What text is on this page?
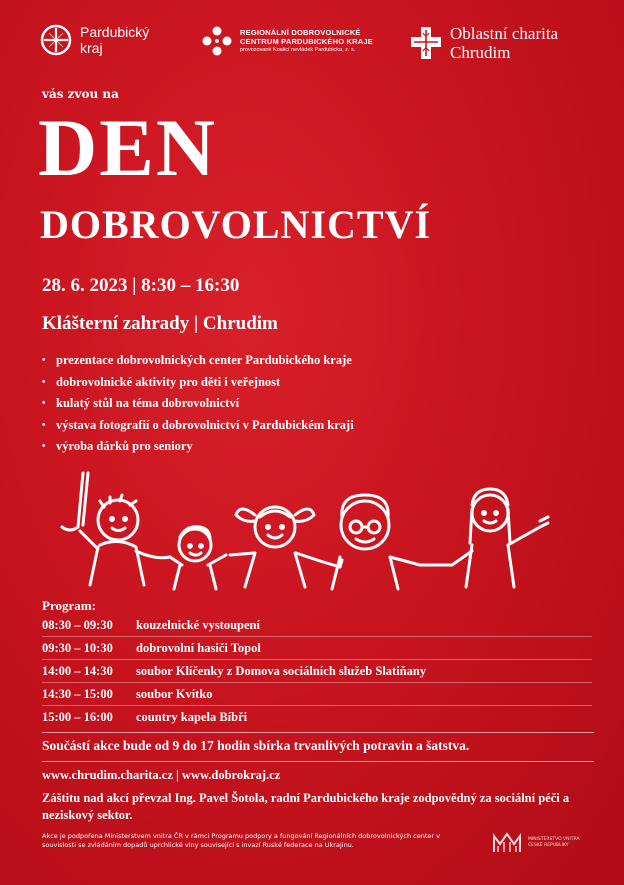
Pardubický
kraj
REGIONÁLNÍ DOBROVOLNICKÉ
CENTRUM PARDUBICKÉHO KRAJE
provozované Koalicí nevládek Pardubicka, z. s.
Oblastní charita
Chrudim
vás zvou na
DEN
DOBROVOLNICTVÍ
28. 6. 2023 | 8:30 – 16:30
Klášterní zahrady | Chrudim
• prezentace dobrovolnických center Pardubického kraje
• dobrovolnické aktivity pro děti i veřejnost
• kulatý stůl na téma dobrovolnictví
• výstava fotografií o dobrovolnictví v Pardubickém kraji
• výroba dárků pro seniory
Program:
08:30 – 09:30	kouzelnické vystoupení
09:30 – 10:30	dobrovolní hasiči Topol
14:00 – 14:30	soubor Klíčenky z Domova sociálních služeb Slatiňany
14:30 – 15:00	soubor Kvítko
15:00 – 16:00	country kapela Bíbři
Součástí akce bude od 9 do 17 hodin sbírka trvanlivých potravin a šatstva.
www.chrudim.charita.cz | www.dobrokraj.cz
Záštitu nad akcí převzal Ing. Pavel Šotola, radní Pardubického kraje zodpovědný za sociální péči a neziskový sektor.
Akce je podpořena Ministerstvem vnitra ČR v rámci Programu podpory a fungování Regionálních dobrovolnických center v souvislosti se zvládáním dopadů uprchlické vlny související s invazí Ruské federace na Ukrajinu.
MINISTERSTVO VNITRA
ČESKÉ REPUBLIKY
